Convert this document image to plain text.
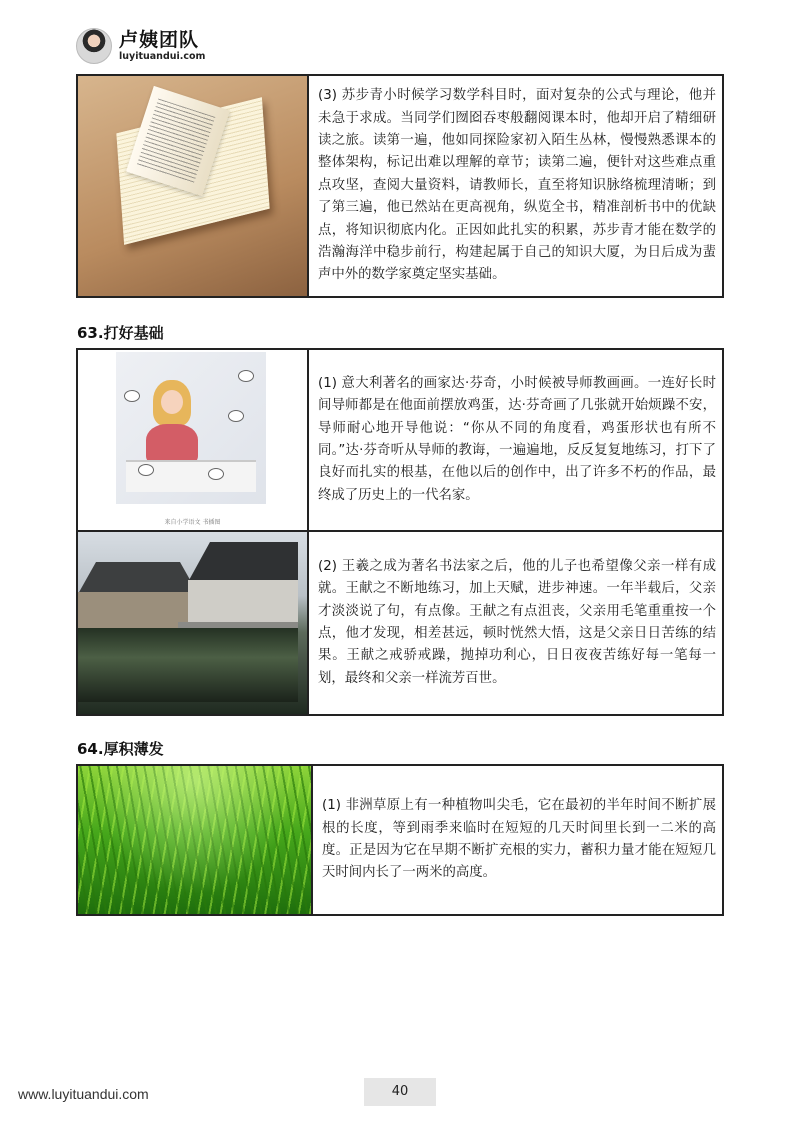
卢姨团队
luyituandui.com
(3) 苏步青小时候学习数学科目时，面对复杂的公式与理论，他并未急于求成。当同学们囫囵吞枣般翻阅课本时，他却开启了精细研读之旅。读第一遍，他如同探险家初入陌生丛林，慢慢熟悉课本的整体架构，标记出难以理解的章节；读第二遍，便针对这些难点重点攻坚，查阅大量资料，请教师长，直至将知识脉络梳理清晰；到了第三遍，他已然站在更高视角，纵览全书，精准剖析书中的优缺点，将知识彻底内化。正因如此扎实的积累，苏步青才能在数学的浩瀚海洋中稳步前行，构建起属于自己的知识大厦，为日后成为蜚声中外的数学家奠定坚实基础。
63.打好基础
来自小学语文 书插图
(1) 意大利著名的画家达·芬奇，小时候被导师教画画。一连好长时间导师都是在他面前摆放鸡蛋，达·芬奇画了几张就开始烦躁不安，导师耐心地开导他说：“你从不同的角度看，鸡蛋形状也有所不同。”达·芬奇听从导师的教诲，一遍遍地，反反复复地练习，打下了良好而扎实的根基，在他以后的创作中，出了许多不朽的作品，最终成了历史上的一代名家。
(2) 王羲之成为著名书法家之后，他的儿子也希望像父亲一样有成就。王献之不断地练习，加上天赋，进步神速。一年半载后，父亲才淡淡说了句，有点像。王献之有点沮丧，父亲用毛笔重重按一个点，他才发现，相差甚远，顿时恍然大悟，这是父亲日日苦练的结果。王献之戒骄戒躁，抛掉功利心，日日夜夜苦练好每一笔每一划，最终和父亲一样流芳百世。
64.厚积薄发
(1) 非洲草原上有一种植物叫尖毛，它在最初的半年时间不断扩展根的长度，等到雨季来临时在短短的几天时间里长到一二米的高度。正是因为它在早期不断扩充根的实力，蓄积力量才能在短短几天时间内长了一两米的高度。
www.luyituandui.com	40
